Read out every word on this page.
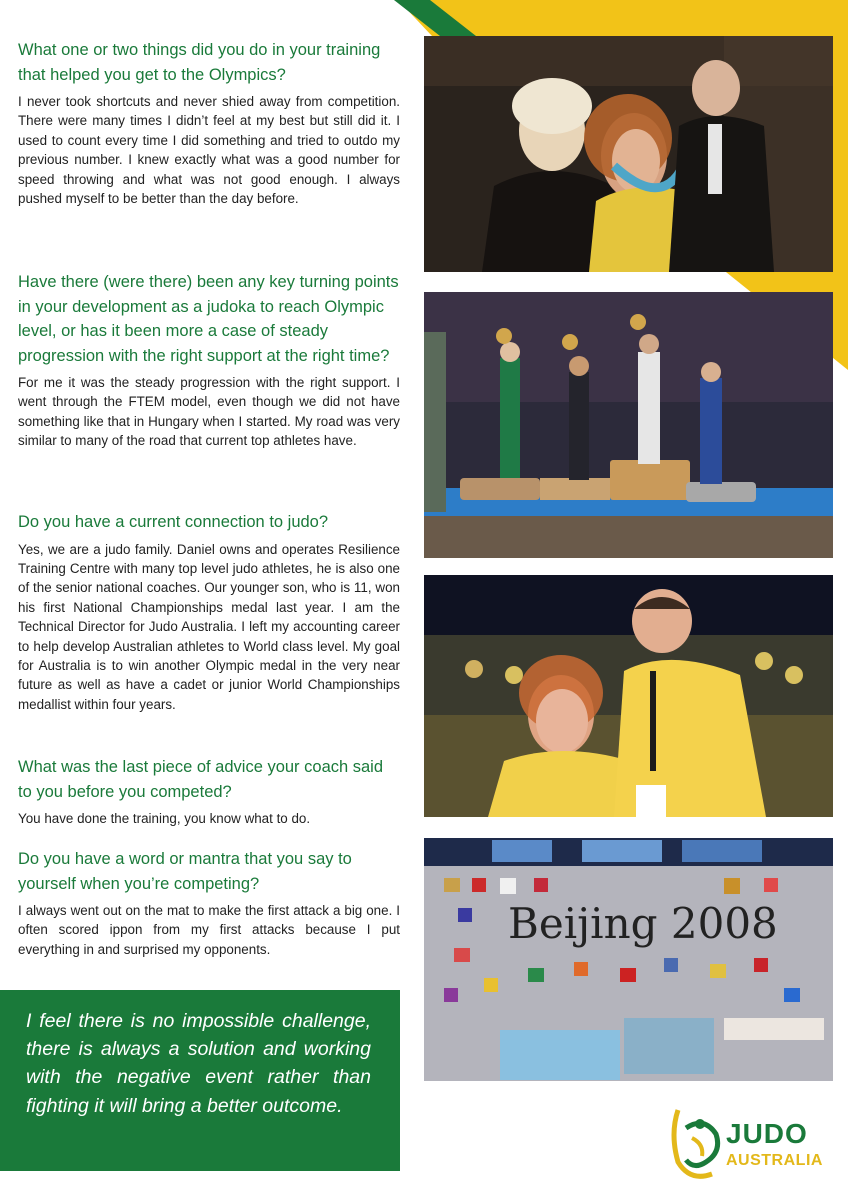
What one or two things did you do in your training that helped you get to the Olympics?

I never took shortcuts and never shied away from competition. There were many times I didn’t feel at my best but still did it. I used to count every time I did something and tried to outdo my previous number. I knew exactly what was a good number for speed throwing and what was not good enough. I always pushed myself to be better than the day before.

Have there (were there) been any key turning points in your development as a judoka to reach Olympic level, or has it been more a case of steady progression with the right support at the right time?

For me it was the steady progression with the right support. I went through the FTEM model, even though we did not have something like that in Hungary when I started. My road was very similar to many of the road that current top athletes have.

Do you have a current connection to judo?

Yes, we are a judo family. Daniel owns and operates Resilience Training Centre with many top level judo athletes, he is also one of the senior national coaches. Our younger son, who is 11, won his first National Championships medal last year. I am the Technical Director for Judo Australia. I left my accounting career to help develop Australian athletes to World class level. My goal for Australia is to win another Olympic medal in the very near future as well as have a cadet or junior World Championships medallist within four years.

What was the last piece of advice your coach said to you before you competed?

You have done the training, you know what to do.

Do you have a word or mantra that you say to yourself when you’re competing?

I always went out on the mat to make the first attack a big one. I often scored ippon from my first attacks because I put everything in and surprised my opponents.

I feel there is no impossible challenge, there is always a solution and working with the negative event rather than fighting it will bring a better outcome.

Beijing 2008
JUDO
AUSTRALIA
